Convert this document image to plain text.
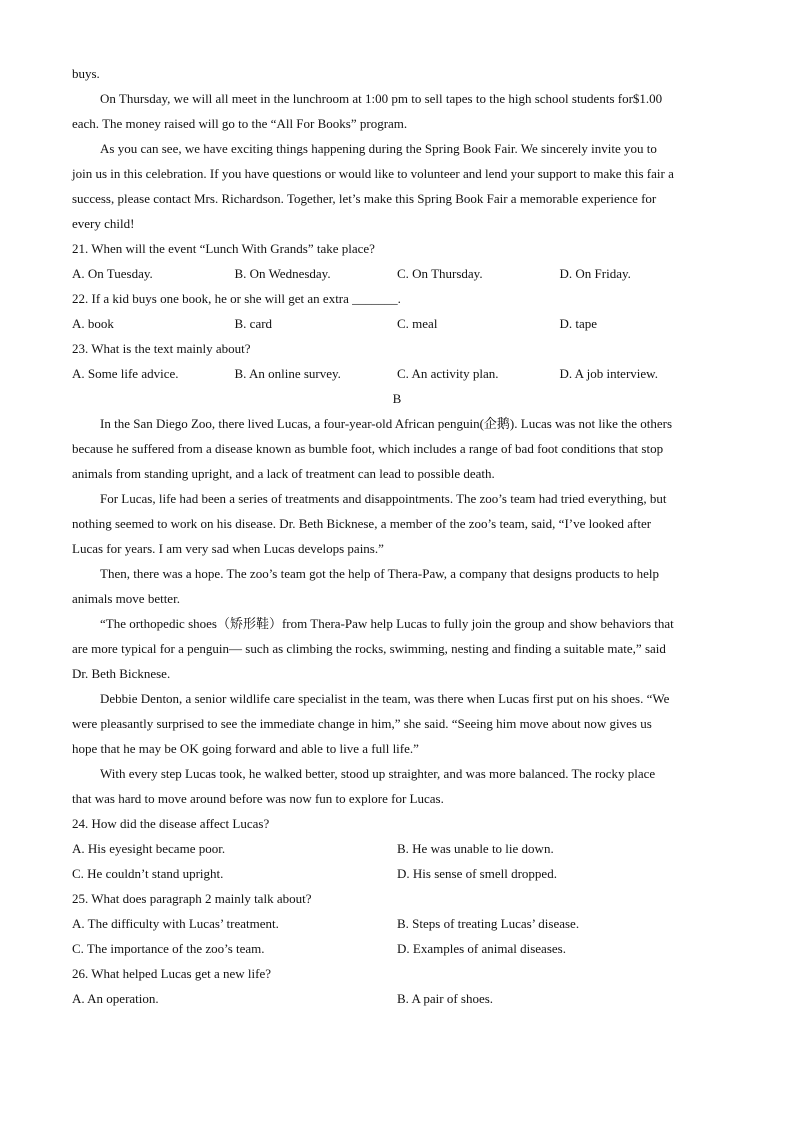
buys.
On Thursday, we will all meet in the lunchroom at 1:00 pm to sell tapes to the high school students for$1.00
each. The money raised will go to the “All For Books” program.
As you can see, we have exciting things happening during the Spring Book Fair. We sincerely invite you to
join us in this celebration. If you have questions or would like to volunteer and lend your support to make this fair a
success, please contact Mrs. Richardson. Together, let’s make this Spring Book Fair a memorable experience for
every child!
21. When will the event “Lunch With Grands” take place?
A. On Tuesday.	B. On Wednesday.	C. On Thursday.	D. On Friday.
22. If a kid buys one book, he or she will get an extra _______.
A. book	B. card	C. meal	D. tape
23. What is the text mainly about?
A. Some life advice.	B. An online survey.	C. An activity plan.	D. A job interview.
B
In the San Diego Zoo, there lived Lucas, a four-year-old African penguin(企鹅). Lucas was not like the others
because he suffered from a disease known as bumble foot, which includes a range of bad foot conditions that stop
animals from standing upright, and a lack of treatment can lead to possible death.
For Lucas, life had been a series of treatments and disappointments. The zoo’s team had tried everything, but
nothing seemed to work on his disease. Dr. Beth Bicknese, a member of the zoo’s team, said, “I’ve looked after
Lucas for years. I am very sad when Lucas develops pains.”
Then, there was a hope. The zoo’s team got the help of Thera-Paw, a company that designs products to help
animals move better.
“The orthopedic shoes（矫形鞋）from Thera-Paw help Lucas to fully join the group and show behaviors that
are more typical for a penguin— such as climbing the rocks, swimming, nesting and finding a suitable mate,” said
Dr. Beth Bicknese.
Debbie Denton, a senior wildlife care specialist in the team, was there when Lucas first put on his shoes. “We
were pleasantly surprised to see the immediate change in him,” she said. “Seeing him move about now gives us
hope that he may be OK going forward and able to live a full life.”
With every step Lucas took, he walked better, stood up straighter, and was more balanced. The rocky place
that was hard to move around before was now fun to explore for Lucas.
24. How did the disease affect Lucas?
A. His eyesight became poor.	B. He was unable to lie down.
C. He couldn’t stand upright.	D. His sense of smell dropped.
25. What does paragraph 2 mainly talk about?
A. The difficulty with Lucas’ treatment.	B. Steps of treating Lucas’ disease.
C. The importance of the zoo’s team.	D. Examples of animal diseases.
26. What helped Lucas get a new life?
A. An operation.	B. A pair of shoes.
